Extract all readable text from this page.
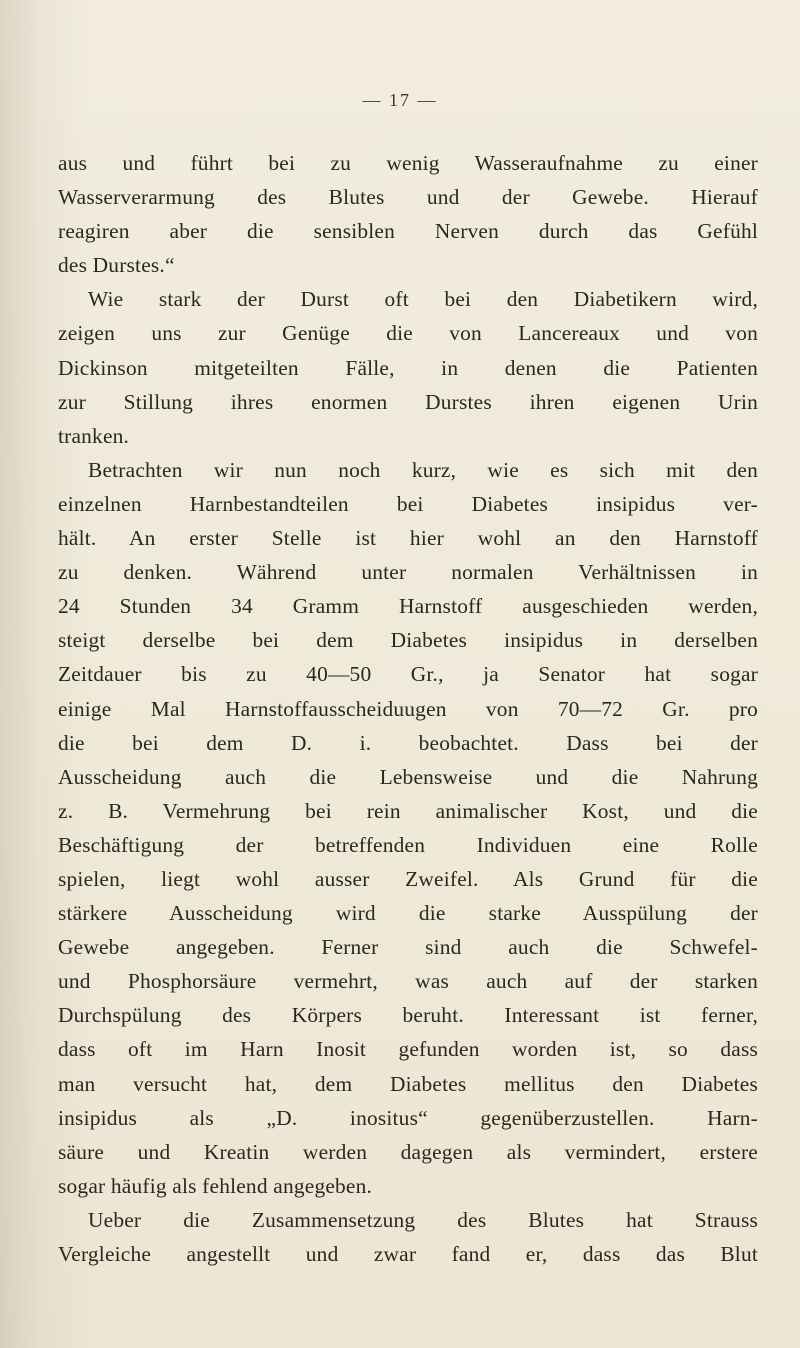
— 17 —
aus und führt bei zu wenig Wasseraufnahme zu einer
Wasserverarmung des Blutes und der Gewebe. Hierauf
reagiren aber die sensiblen Nerven durch das Gefühl
des Durstes.“
Wie stark der Durst oft bei den Diabetikern wird,
zeigen uns zur Genüge die von Lancereaux und von
Dickinson mitgeteilten Fälle, in denen die Patienten
zur Stillung ihres enormen Durstes ihren eigenen Urin
tranken.
Betrachten wir nun noch kurz, wie es sich mit den
einzelnen Harnbestandteilen bei Diabetes insipidus ver-
hält. An erster Stelle ist hier wohl an den Harnstoff
zu denken. Während unter normalen Verhältnissen in
24 Stunden 34 Gramm Harnstoff ausgeschieden werden,
steigt derselbe bei dem Diabetes insipidus in derselben
Zeitdauer bis zu 40—50 Gr., ja Senator hat sogar
einige Mal Harnstoffausscheiduugen von 70—72 Gr. pro
die bei dem D. i. beobachtet. Dass bei der
Ausscheidung auch die Lebensweise und die Nahrung
z. B. Vermehrung bei rein animalischer Kost, und die
Beschäftigung der betreffenden Individuen eine Rolle
spielen, liegt wohl ausser Zweifel. Als Grund für die
stärkere Ausscheidung wird die starke Ausspülung der
Gewebe angegeben. Ferner sind auch die Schwefel-
und Phosphorsäure vermehrt, was auch auf der starken
Durchspülung des Körpers beruht. Interessant ist ferner,
dass oft im Harn Inosit gefunden worden ist, so dass
man versucht hat, dem Diabetes mellitus den Diabetes
insipidus als „D. inositus“ gegenüberzustellen. Harn-
säure und Kreatin werden dagegen als vermindert, erstere
sogar häufig als fehlend angegeben.
Ueber die Zusammensetzung des Blutes hat Strauss
Vergleiche angestellt und zwar fand er, dass das Blut
